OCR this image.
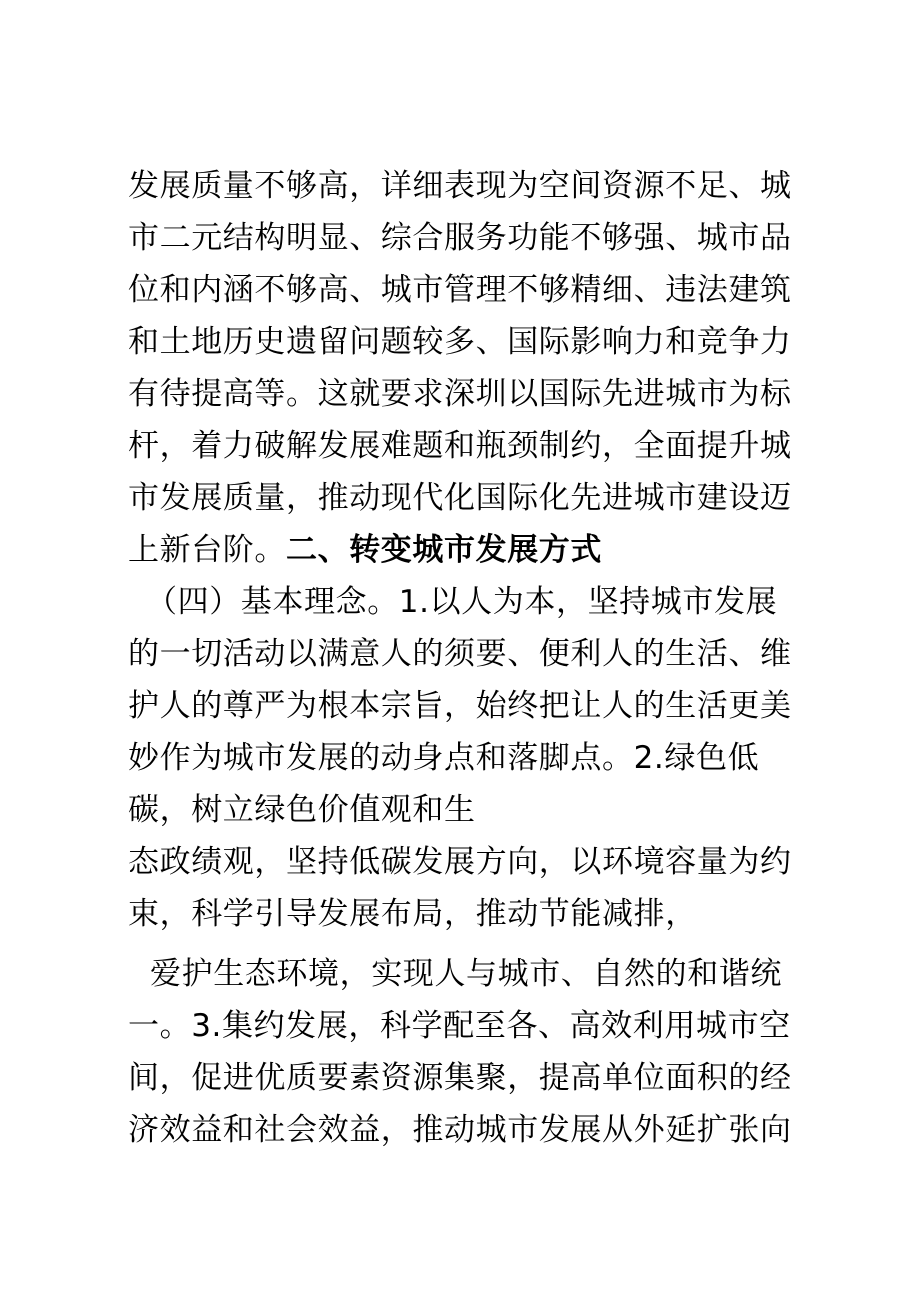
发展质量不够高，详细表现为空间资源不足、城
市二元结构明显、综合服务功能不够强、城市品
位和内涵不够高、城市管理不够精细、违法建筑
和土地历史遗留问题较多、国际影响力和竞争力
有待提高等。这就要求深圳以国际先进城市为标
杆，着力破解发展难题和瓶颈制约，全面提升城
市发展质量，推动现代化国际化先进城市建设迈
上新台阶。二、转变城市发展方式
（四）基本理念。1.以人为本，坚持城市发展
的一切活动以满意人的须要、便利人的生活、维
护人的尊严为根本宗旨，始终把让人的生活更美
妙作为城市发展的动身点和落脚点。2.绿色低
碳，树立绿色价值观和生
态政绩观，坚持低碳发展方向，以环境容量为约
束，科学引导发展布局，推动节能减排，
爱护生态环境，实现人与城市、自然的和谐统
一。3.集约发展，科学配至各、高效利用城市空
间，促进优质要素资源集聚，提高单位面积的经
济效益和社会效益，推动城市发展从外延扩张向
